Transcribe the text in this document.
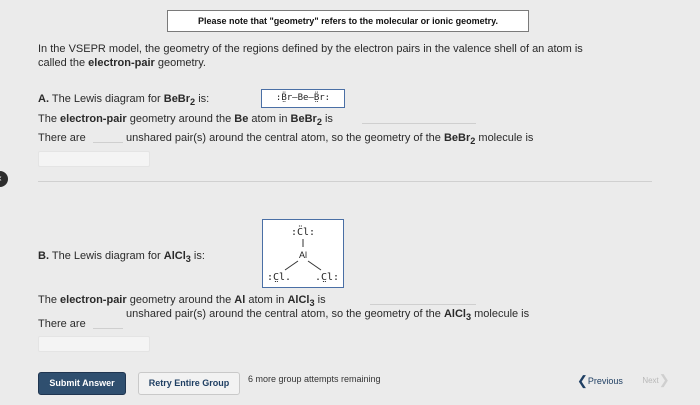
Please note that "geometry" refers to the molecular or ionic geometry.
In the VSEPR model, the geometry of the regions defined by the electron pairs in the valence shell of an atom is
called the electron-pair geometry.
A. The Lewis diagram for BeBr$_2$ is:	:B̤̈r—Be—B̤̈r:
The electron-pair geometry around the Be atom in BeBr$_2$ is
There are	unshared pair(s) around the central atom, so the geometry of the BeBr$_2$ molecule is
B. The Lewis diagram for AlCl$_3$ is:
:C̈l:
Al
:C̤l. .C̤l:
The electron-pair geometry around the Al atom in AlCl$_3$ is
There are
unshared pair(s) around the central atom, so the geometry of the AlCl$_3$ molecule is
Submit Answer	Retry Entire Group	6 more group attempts remaining	❮Previous	Next❯
